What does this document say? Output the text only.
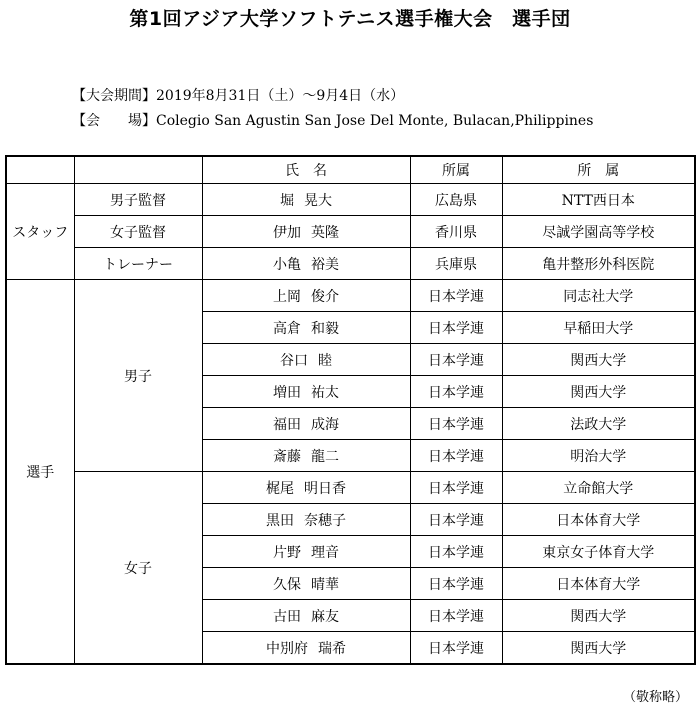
第1回アジア大学ソフトテニス選手権大会　選手団
【大会期間】2019年8月31日（土）～9月4日（水）
【会 場】Colegio San Agustin San Jose Del Monte, Bulacan,Philippines
		氏　名	所属	所　属
スタッフ	男子監督	堀 晃大	広島県	NTT西日本
	女子監督	伊加 英隆	香川県	尽誠学園高等学校
	トレーナー	小亀 裕美	兵庫県	亀井整形外科医院
選手	男子	上岡 俊介	日本学連	同志社大学
		高倉 和毅	日本学連	早稲田大学
		谷口 睦	日本学連	関西大学
		増田 祐太	日本学連	関西大学
		福田 成海	日本学連	法政大学
		斎藤 龍二	日本学連	明治大学
	女子	梶尾 明日香	日本学連	立命館大学
		黒田 奈穂子	日本学連	日本体育大学
		片野 理音	日本学連	東京女子体育大学
		久保 晴華	日本学連	日本体育大学
		古田 麻友	日本学連	関西大学
		中別府 瑞希	日本学連	関西大学
（敬称略）
